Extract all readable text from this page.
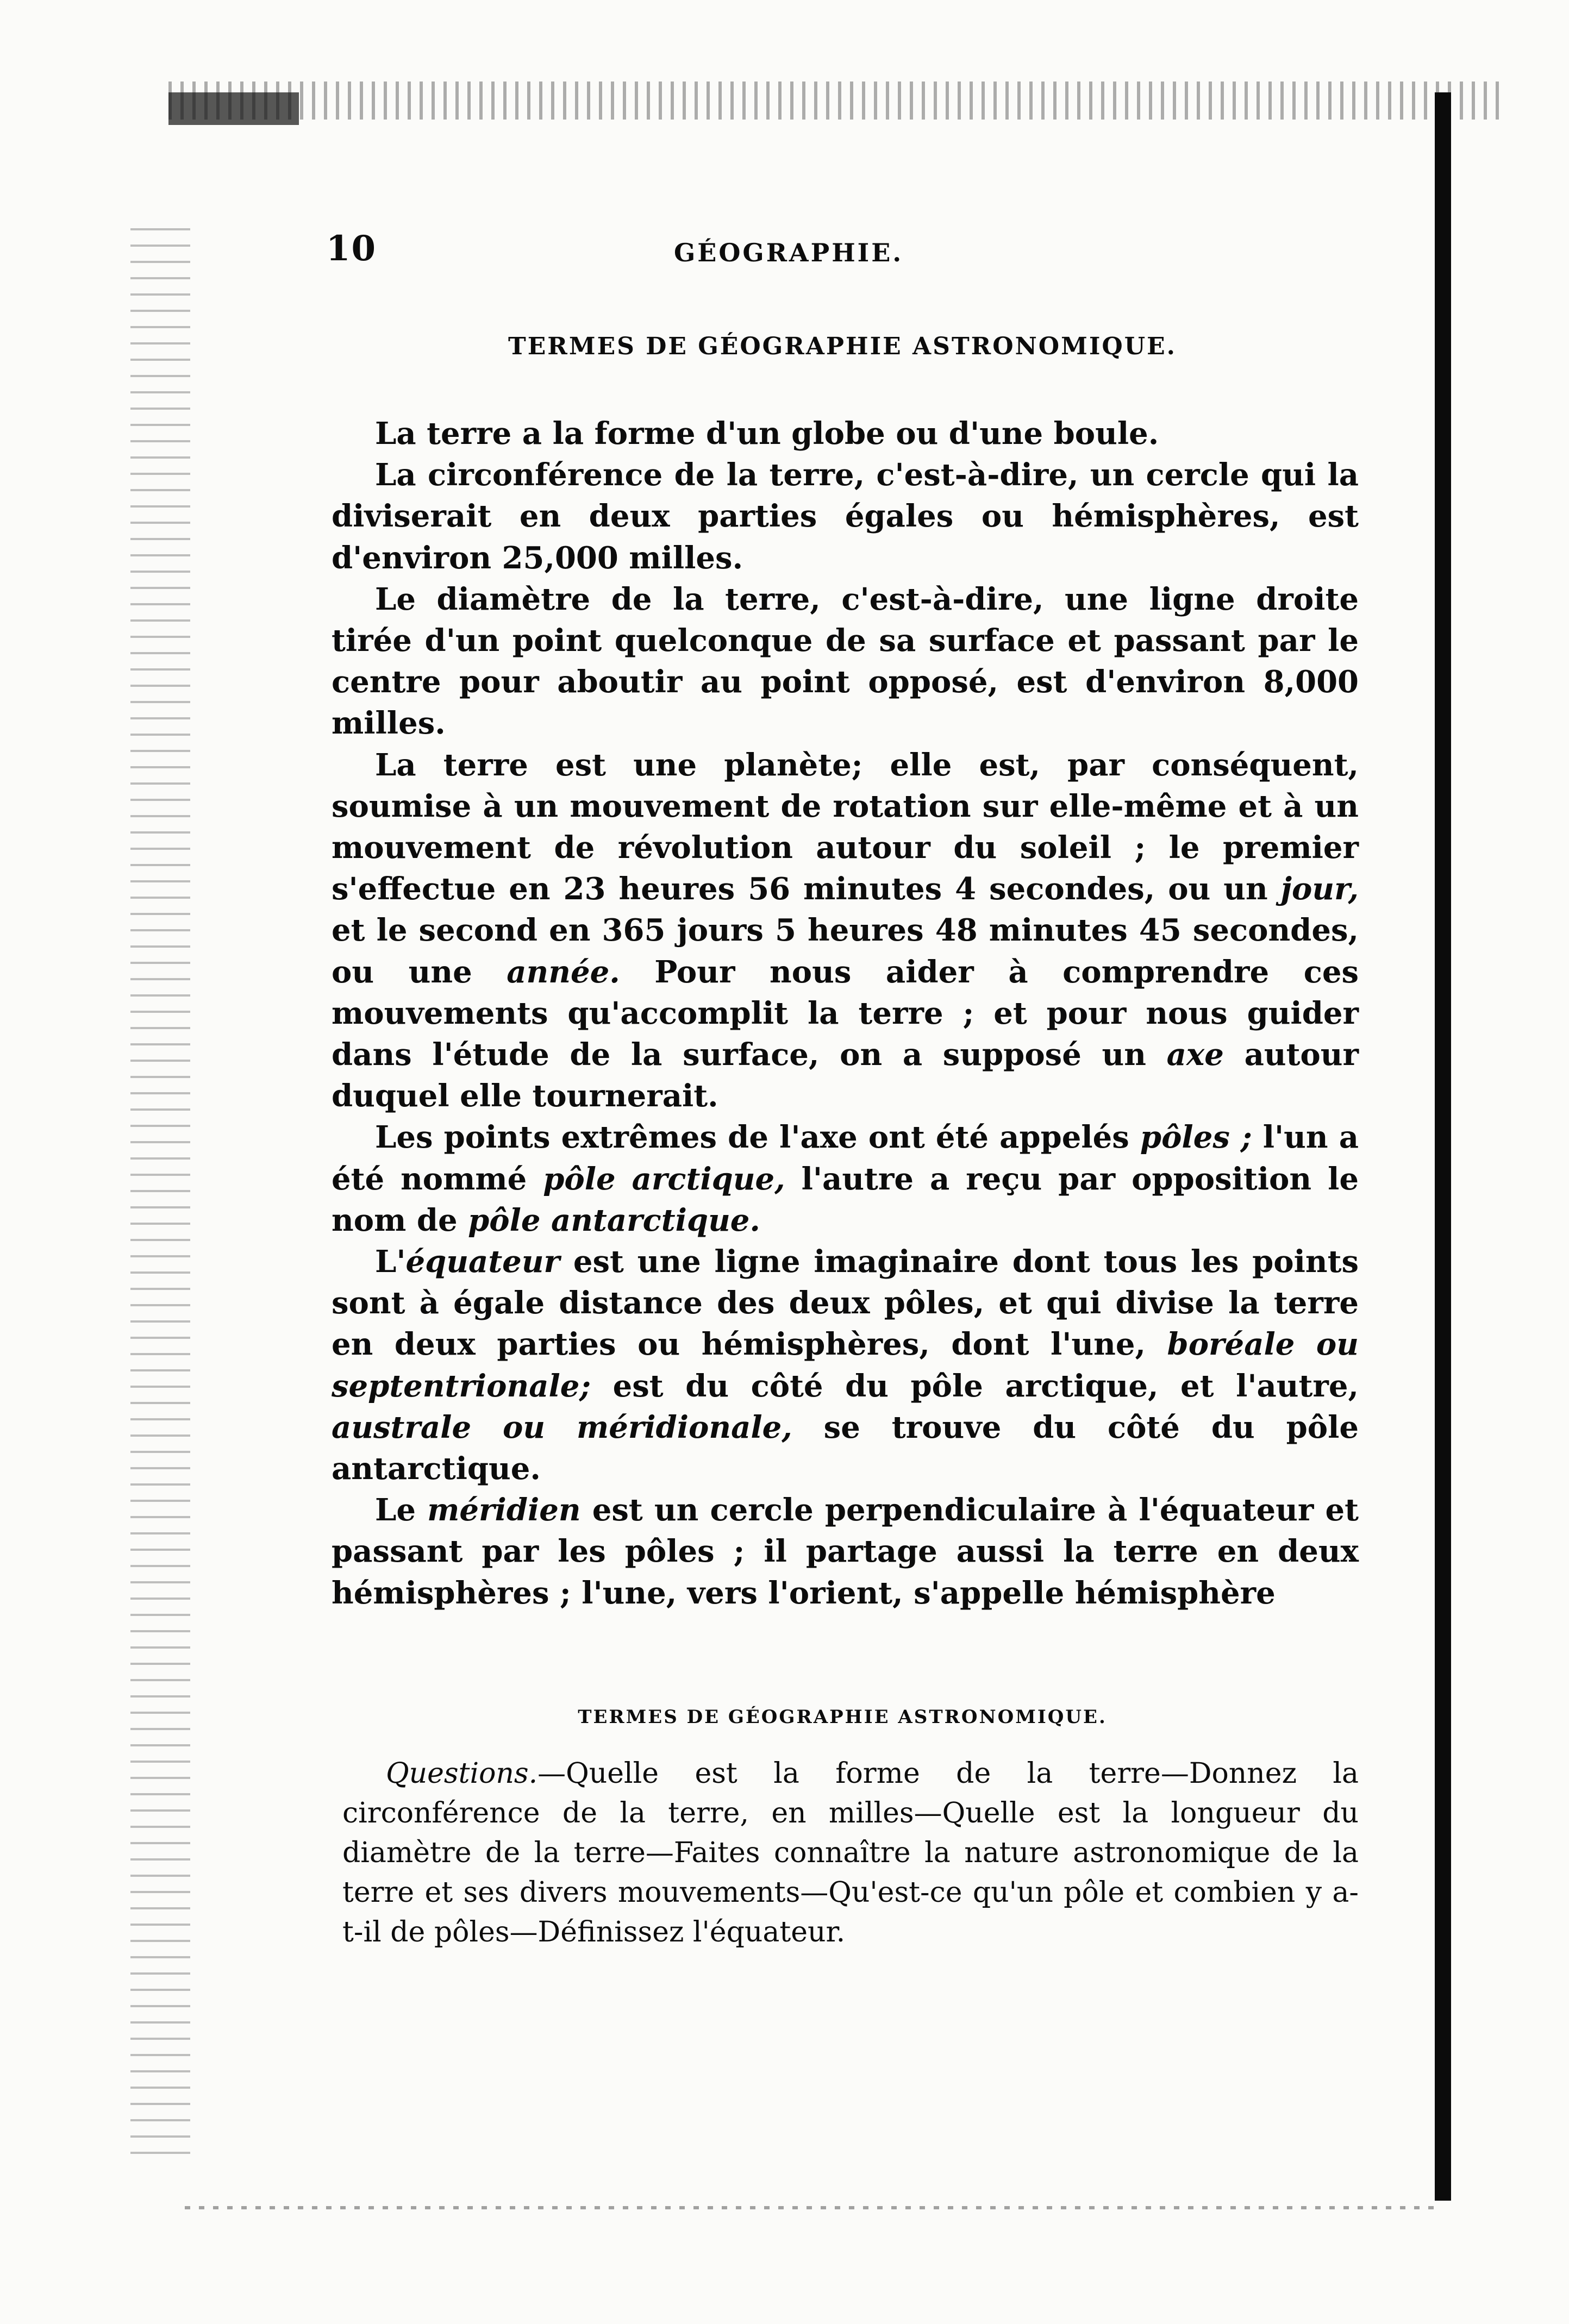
10	GÉOGRAPHIE.
TERMES DE GÉOGRAPHIE ASTRONOMIQUE.

La terre a la forme d'un globe ou d'une boule.

La circonférence de la terre, c'est-à-dire, un cercle qui la diviserait en deux parties égales ou hémisphères, est d'environ 25,000 milles.

Le diamètre de la terre, c'est-à-dire, une ligne droite tirée d'un point quelconque de sa surface et passant par le centre pour aboutir au point opposé, est d'environ 8,000 milles.

La terre est une planète; elle est, par conséquent, soumise à un mouvement de rotation sur elle-même et à un mouvement de révolution autour du soleil ; le premier s'effectue en 23 heures 56 minutes 4 secondes, ou un jour, et le second en 365 jours 5 heures 48 minutes 45 secondes, ou une année. Pour nous aider à comprendre ces mouvements qu'accomplit la terre ; et pour nous guider dans l'étude de la surface, on a supposé un axe autour duquel elle tournerait.

Les points extrêmes de l'axe ont été appelés pôles ; l'un a été nommé pôle arctique, l'autre a reçu par opposition le nom de pôle antarctique.

L'équateur est une ligne imaginaire dont tous les points sont à égale distance des deux pôles, et qui divise la terre en deux parties ou hémisphères, dont l'une, boréale ou septentrionale; est du côté du pôle arctique, et l'autre, australe ou méridionale, se trouve du côté du pôle antarctique.

Le méridien est un cercle perpendiculaire à l'équateur et passant par les pôles ; il partage aussi la terre en deux hémisphères ; l'une, vers l'orient, s'appelle hémisphère

TERMES DE GÉOGRAPHIE ASTRONOMIQUE.

Questions.—Quelle est la forme de la terre—Donnez la circonférence de la terre, en milles—Quelle est la longueur du diamètre de la terre—Faites connaître la nature astronomique de la terre et ses divers mouvements—Qu'est-ce qu'un pôle et combien y a-t-il de pôles—Définissez l'équateur.
